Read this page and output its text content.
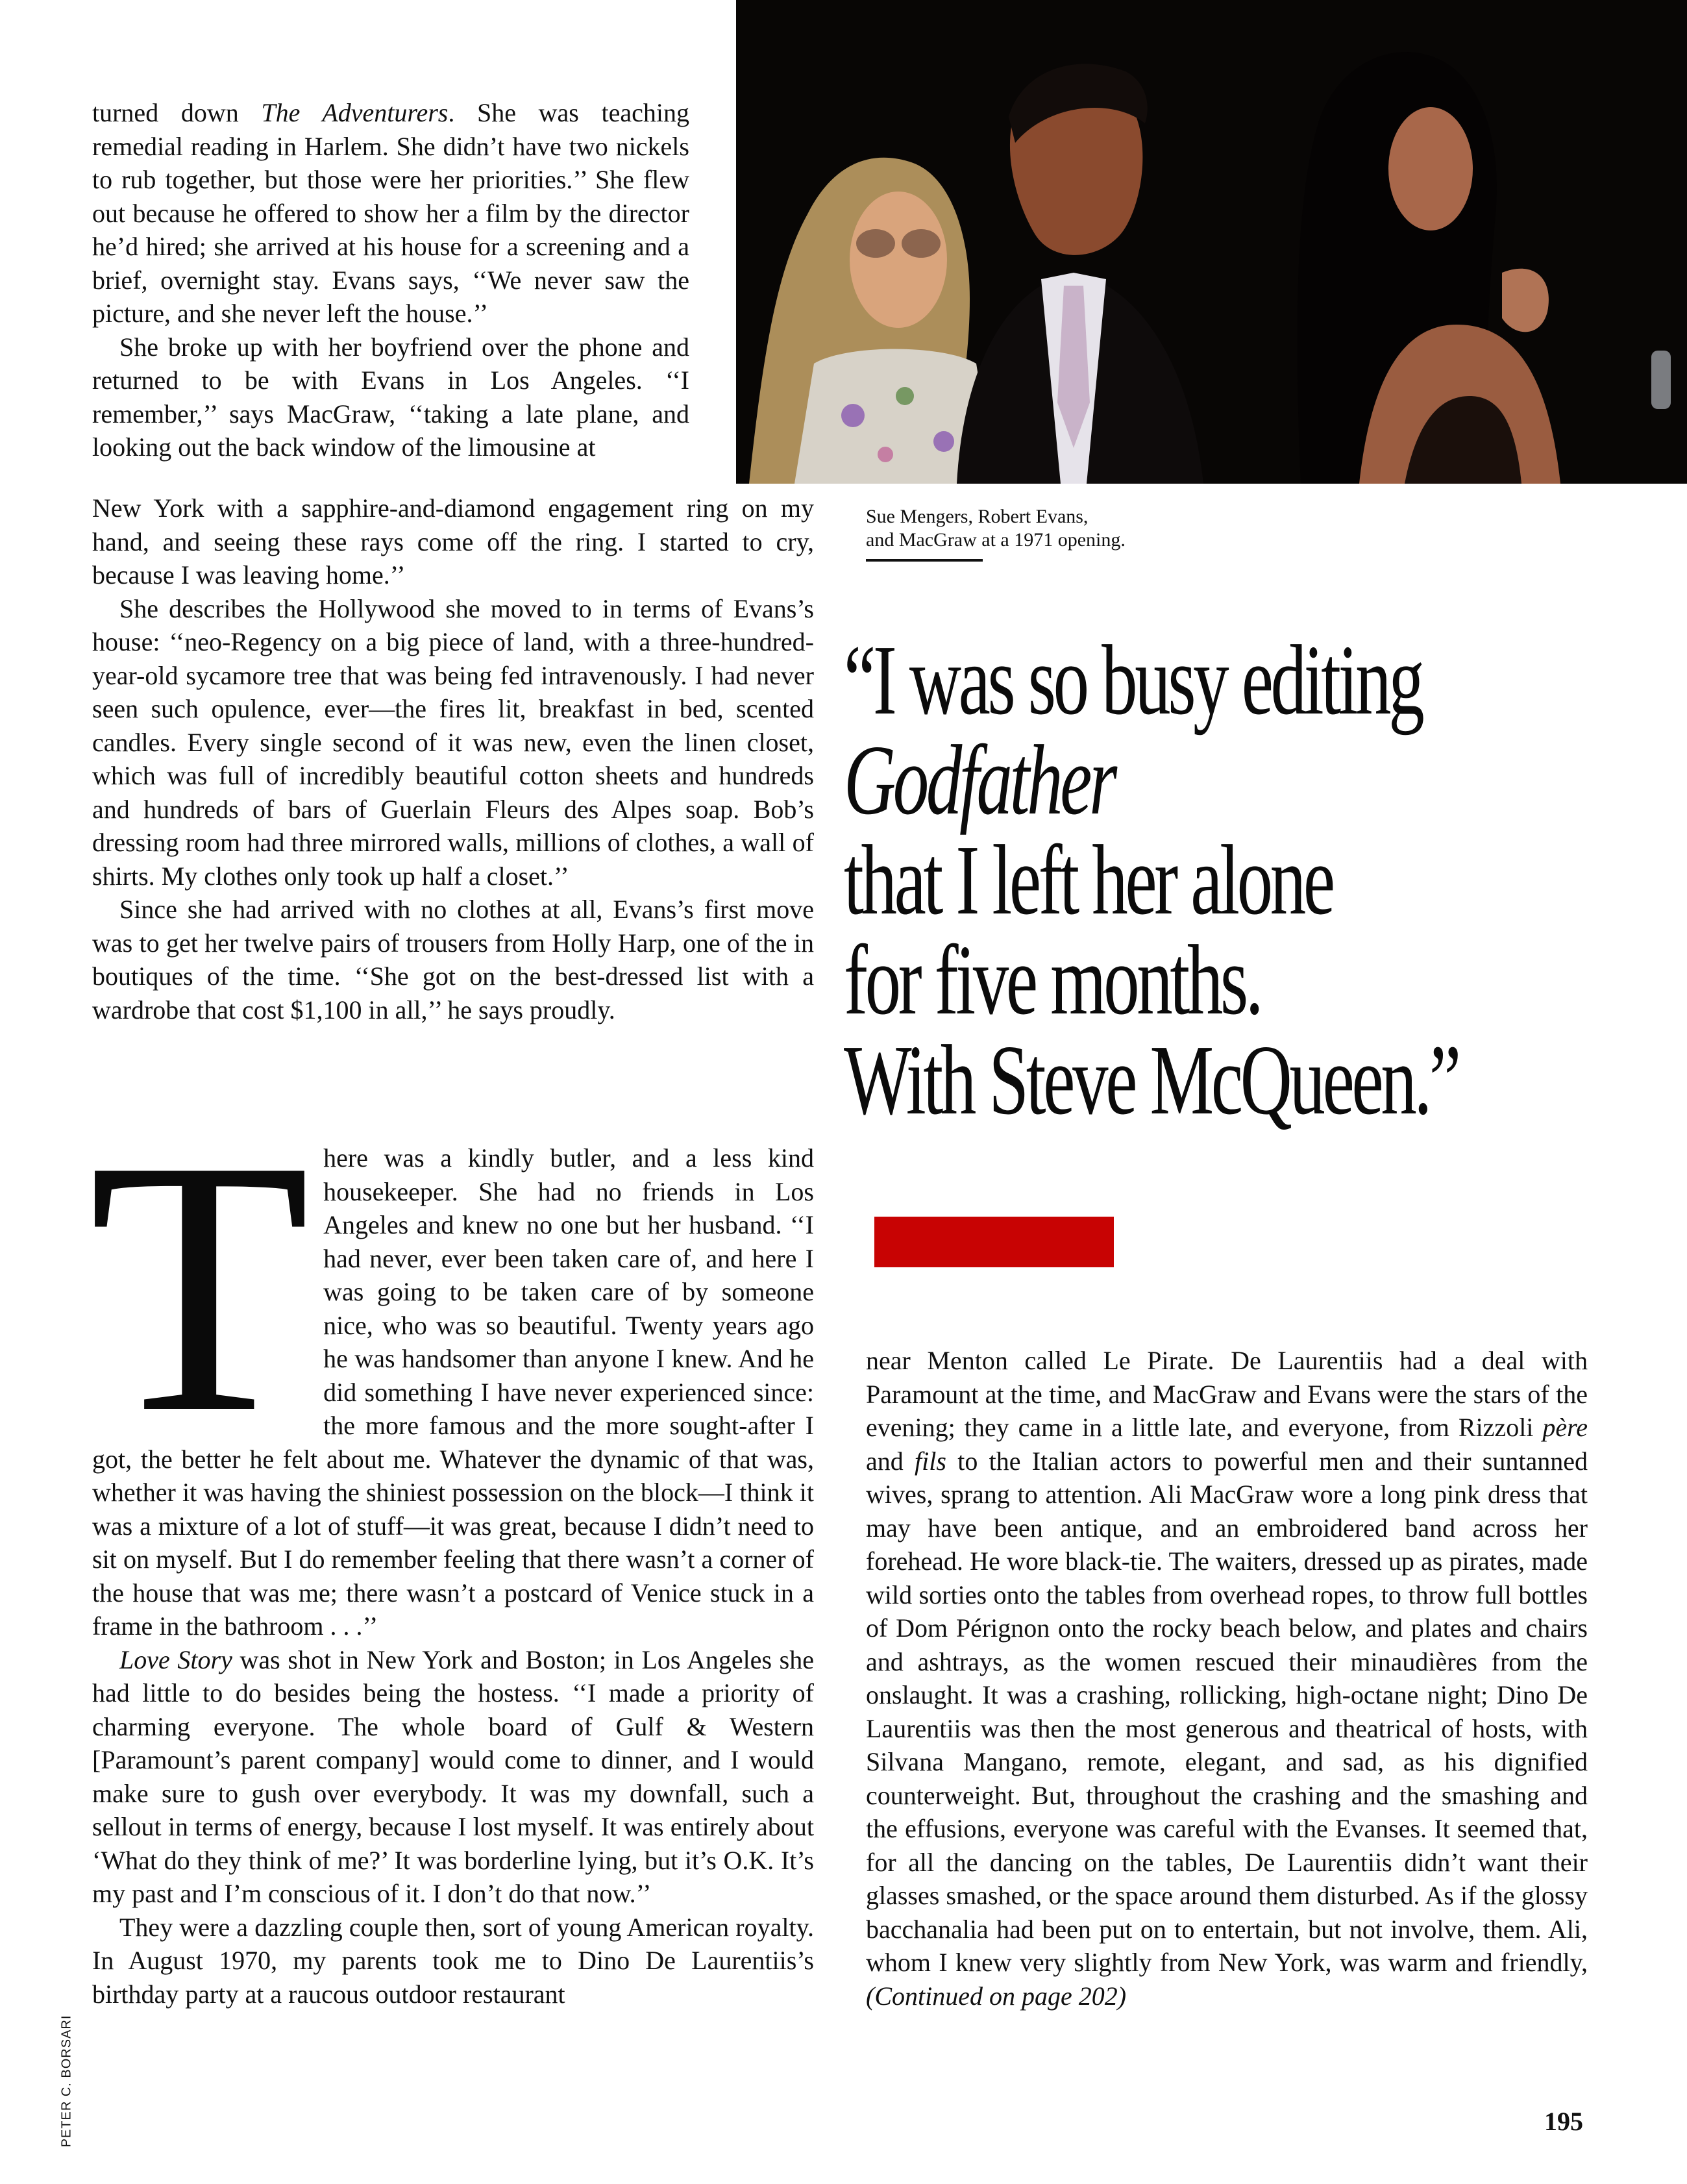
Sue Mengers, Robert Evans,
and MacGraw at a 1971 opening.

turned down The Adventurers. She was teaching remedial reading in Harlem. She didn’t have two nickels to rub together, but those were her priorities.’’ She flew out because he offered to show her a film by the director he’d hired; she arrived at his house for a screening and a brief, overnight stay. Evans says, ‘‘We never saw the picture, and she never left the house.’’

She broke up with her boyfriend over the phone and returned to be with Evans in Los Angeles. ‘‘I remember,’’ says MacGraw, ‘‘taking a late plane, and looking out the back window of the limousine at

New York with a sapphire-and-diamond engagement ring on my hand, and seeing these rays come off the ring. I started to cry, because I was leaving home.’’

She describes the Hollywood she moved to in terms of Evans’s house: ‘‘neo-Regency on a big piece of land, with a three-hundred-year-old sycamore tree that was being fed intravenously. I had never seen such opulence, ever—the fires lit, breakfast in bed, scented candles. Every single second of it was new, even the linen closet, which was full of incredibly beautiful cotton sheets and hundreds and hundreds of bars of Guerlain Fleurs des Alpes soap. Bob’s dressing room had three mirrored walls, millions of clothes, a wall of shirts. My clothes only took up half a closet.’’

Since she had arrived with no clothes at all, Evans’s first move was to get her twelve pairs of trousers from Holly Harp, one of the in boutiques of the time. ‘‘She got on the best-dressed list with a wardrobe that cost $1,100 in all,’’ he says proudly.

T here was a kindly butler, and a less kind housekeeper. She had no friends in Los Angeles and knew no one but her husband. ‘‘I had never, ever been taken care of, and here I was going to be taken care of by someone nice, who was so beautiful. Twenty years ago he was handsomer than anyone I knew. And he did something I have never experienced since: the more famous and the more sought-after I got, the better he felt about me. Whatever the dynamic of that was, whether it was having the shiniest possession on the block—I think it was a mixture of a lot of stuff—it was great, because I didn’t need to sit on myself. But I do remember feeling that there wasn’t a corner of the house that was me; there wasn’t a postcard of Venice stuck in a frame in the bathroom . . .’’

Love Story was shot in New York and Boston; in Los Angeles she had little to do besides being the hostess. ‘‘I made a priority of charming everyone. The whole board of Gulf & Western [Paramount’s parent company] would come to dinner, and I would make sure to gush over everybody. It was my downfall, such a sellout in terms of energy, because I lost myself. It was entirely about ‘What do they think of me?’ It was borderline lying, but it’s O.K. It’s my past and I’m conscious of it. I don’t do that now.’’

They were a dazzling couple then, sort of young American royalty. In August 1970, my parents took me to Dino De Laurentiis’s birthday party at a raucous outdoor restaurant

“I was so busy editing
Godfather
that I left her alone
for five months.
With Steve McQueen.”

near Menton called Le Pirate. De Laurentiis had a deal with Paramount at the time, and MacGraw and Evans were the stars of the evening; they came in a little late, and everyone, from Rizzoli père and fils to the Italian actors to powerful men and their suntanned wives, sprang to attention. Ali MacGraw wore a long pink dress that may have been antique, and an embroidered band across her forehead. He wore black-tie. The waiters, dressed up as pirates, made wild sorties onto the tables from overhead ropes, to throw full bottles of Dom Pérignon onto the rocky beach below, and plates and chairs and ashtrays, as the women rescued their minaudières from the onslaught. It was a crashing, rollicking, high-octane night; Dino De Laurentiis was then the most generous and theatrical of hosts, with Silvana Mangano, remote, elegant, and sad, as his dignified counterweight. But, throughout the crashing and the smashing and the effusions, everyone was careful with the Evanses. It seemed that, for all the dancing on the tables, De Laurentiis didn’t want their glasses smashed, or the space around them disturbed. As if the glossy bacchanalia had been put on to entertain, but not involve, them. Ali, whom I knew very slightly from New York, was warm and friendly, (Continued on page 202)

PETER C. BORSARI	195
